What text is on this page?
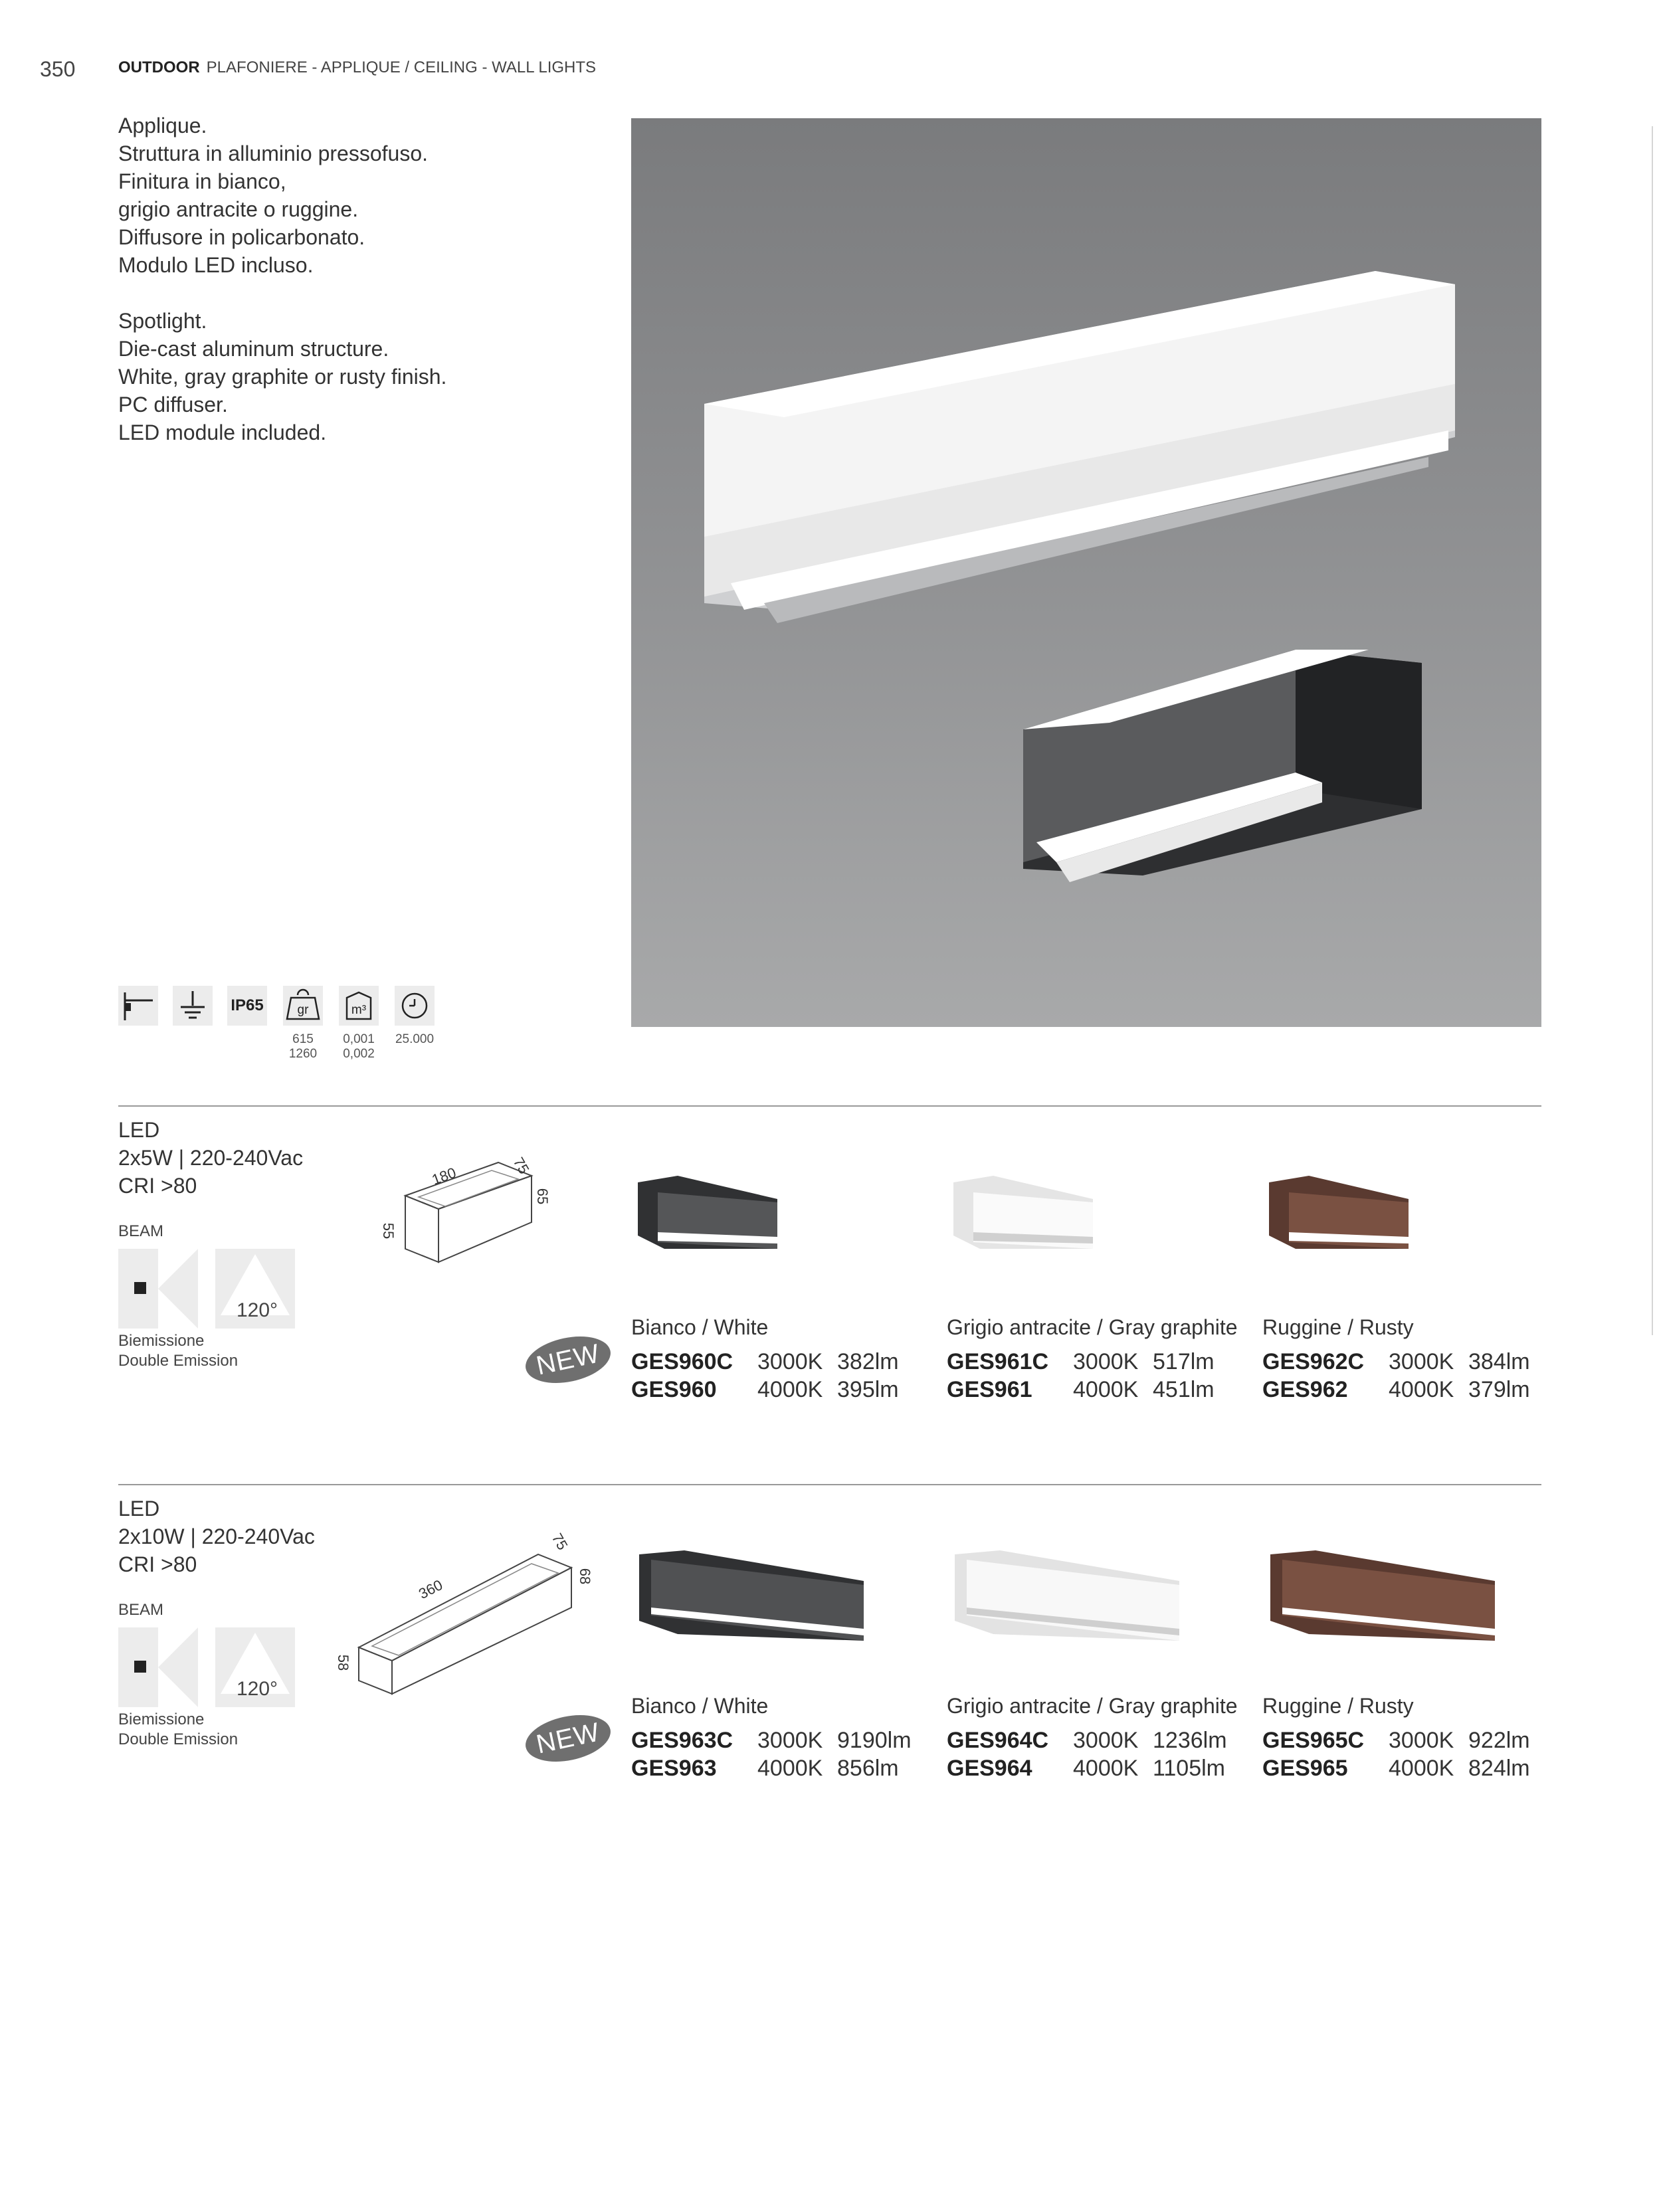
350	OUTDOOR PLAFONIERE - APPLIQUE / CEILING - WALL LIGHTS

Applique.
Struttura in alluminio pressofuso.
Finitura in bianco,
grigio antracite o ruggine.
Diffusore in policarbonato.
Modulo LED incluso.

Spotlight.
Die-cast aluminum structure.
White, gray graphite or rusty finish.
PC diffuser.
LED module included.

IP65	gr	m³
615
1260
0,001
0,002
25.000
LED
2x5W | 220-240Vac
CRI >80
BEAM
120°
Biemissione
Double Emission
180	75
65
55
NEW
Bianco / White
GES960C 3000K 382lm
GES960 4000K 395lm
Grigio antracite / Gray graphite
GES961C 3000K 517lm
GES961 4000K 451lm
Ruggine / Rusty
GES962C 3000K 384lm
GES962 4000K 379lm
LED
2x10W | 220-240Vac
CRI >80
BEAM
120°
Biemissione
Double Emission
360
75
68
58
NEW
Bianco / White
GES963C 3000K 9190lm
GES963 4000K 856lm
Grigio antracite / Gray graphite
GES964C 3000K 1236lm
GES964 4000K 1105lm
Ruggine / Rusty
GES965C 3000K 922lm
GES965 4000K 824lm
